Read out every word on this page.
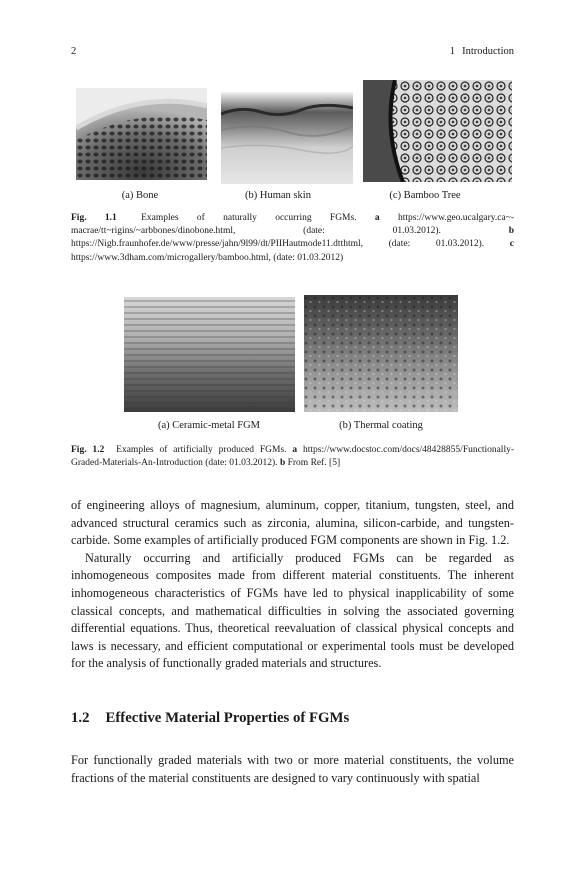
2	1 Introduction
(a) Bone	(b) Human skin	(c) Bamboo Tree
Fig. 1.1	Examples of naturally occurring FGMs. a https://www.geo.ucalgary.ca~-macrae/tt~rigins/~arbbones/dinobone.html, (date: 01.03.2012).	b https://Nigb.fraunhofer.de/www/presse/jahn/9l99/dt/PIIHautmode11.dtthtml, (date: 01.03.2012).	c https://www.3dham.com/microgallery/bamboo.html, (date: 01.03.2012)
(a) Ceramic-metal FGM	(b) Thermal coating
Fig. 1.2 Examples of artificially produced FGMs. a https://www.docstoc.com/docs/48428855/Functionally-Graded-Materials-An-Introduction (date: 01.03.2012). b From Ref. [5]

of engineering alloys of magnesium, aluminum, copper, titanium, tungsten, steel, and advanced structural ceramics such as zirconia, alumina, silicon-carbide, and tungsten-carbide. Some examples of artificially produced FGM components are shown in Fig. 1.2.

Naturally occurring and artificially produced FGMs can be regarded as inhomogeneous composites made from different material constituents. The inherent inhomogeneous characteristics of FGMs have led to physical inapplicability of some classical concepts, and mathematical difficulties in solving the associated governing differential equations. Thus, theoretical reevaluation of classical physical concepts and laws is necessary, and efficient computational or experimental tools must be developed for the analysis of functionally graded materials and structures.

1.2 Effective Material Properties of FGMs

For functionally graded materials with two or more material constituents, the volume fractions of the material constituents are designed to vary continuously with spatial
